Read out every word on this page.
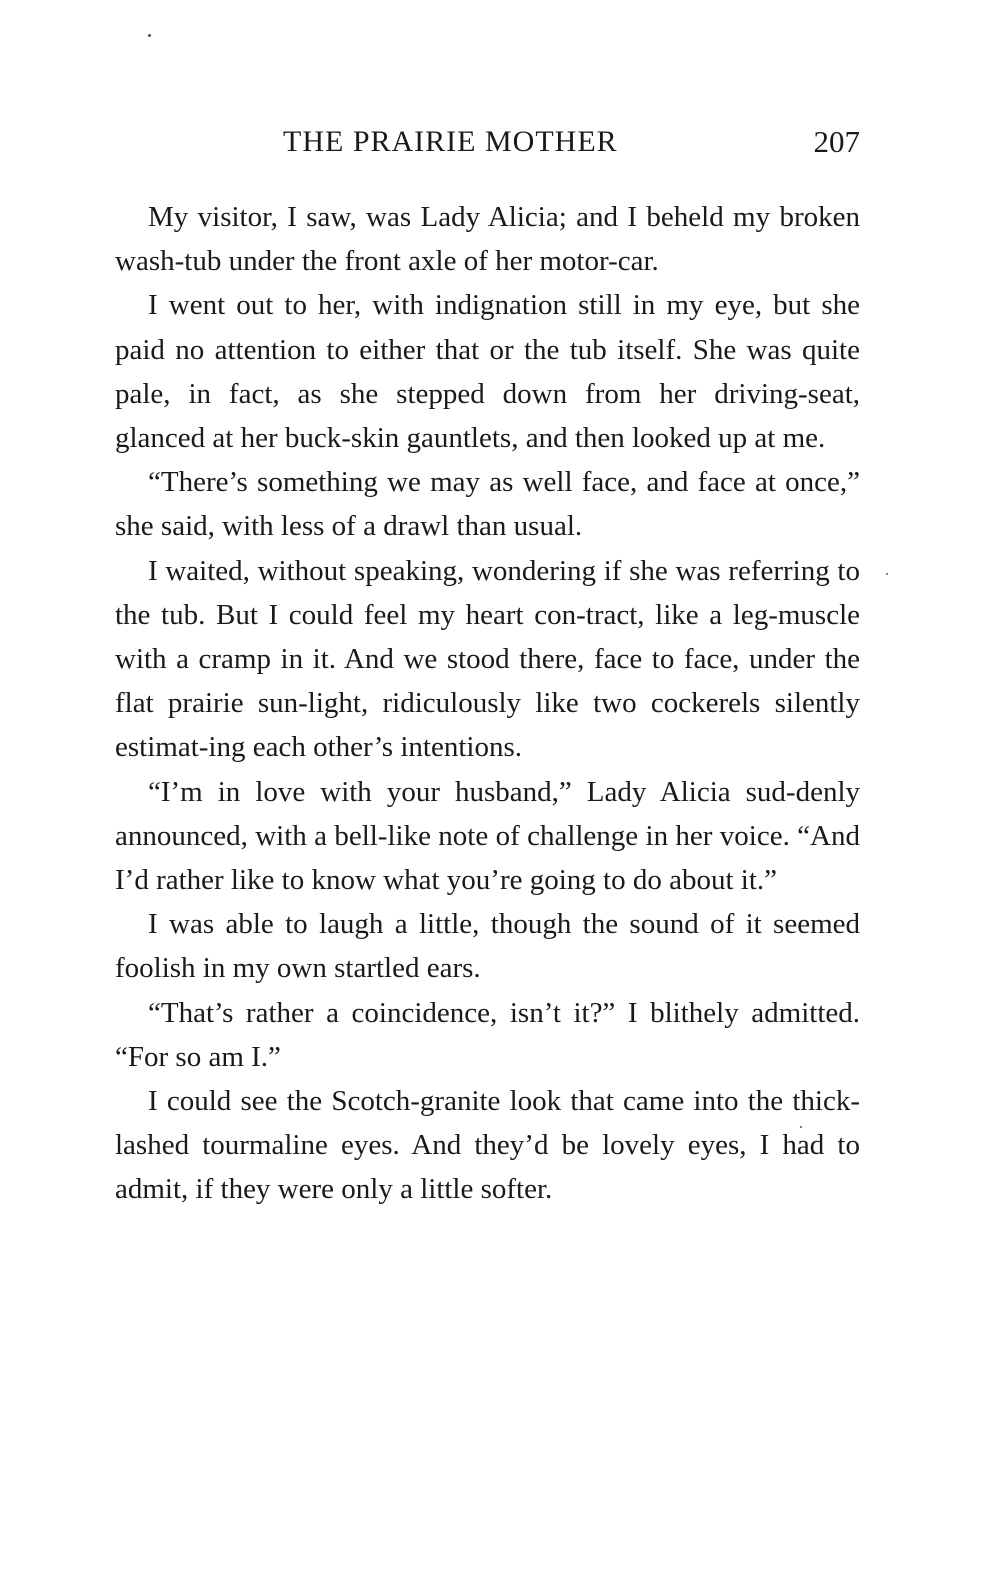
THE PRAIRIE MOTHER	207

My visitor, I saw, was Lady Alicia; and I beheld my broken wash-tub under the front axle of her motor-car.

I went out to her, with indignation still in my eye, but she paid no attention to either that or the tub itself. She was quite pale, in fact, as she stepped down from her driving-seat, glanced at her buck-skin gauntlets, and then looked up at me.

“There’s something we may as well face, and face at once,” she said, with less of a drawl than usual.

I waited, without speaking, wondering if she was referring to the tub. But I could feel my heart con-tract, like a leg-muscle with a cramp in it. And we stood there, face to face, under the flat prairie sun-light, ridiculously like two cockerels silently estimat-ing each other’s intentions.

“I’m in love with your husband,” Lady Alicia sud-denly announced, with a bell-like note of challenge in her voice. “And I’d rather like to know what you’re going to do about it.”

I was able to laugh a little, though the sound of it seemed foolish in my own startled ears.

“That’s rather a coincidence, isn’t it?” I blithely admitted. “For so am I.”

I could see the Scotch-granite look that came into the thick-lashed tourmaline eyes. And they’d be lovely eyes, I had to admit, if they were only a little softer.
